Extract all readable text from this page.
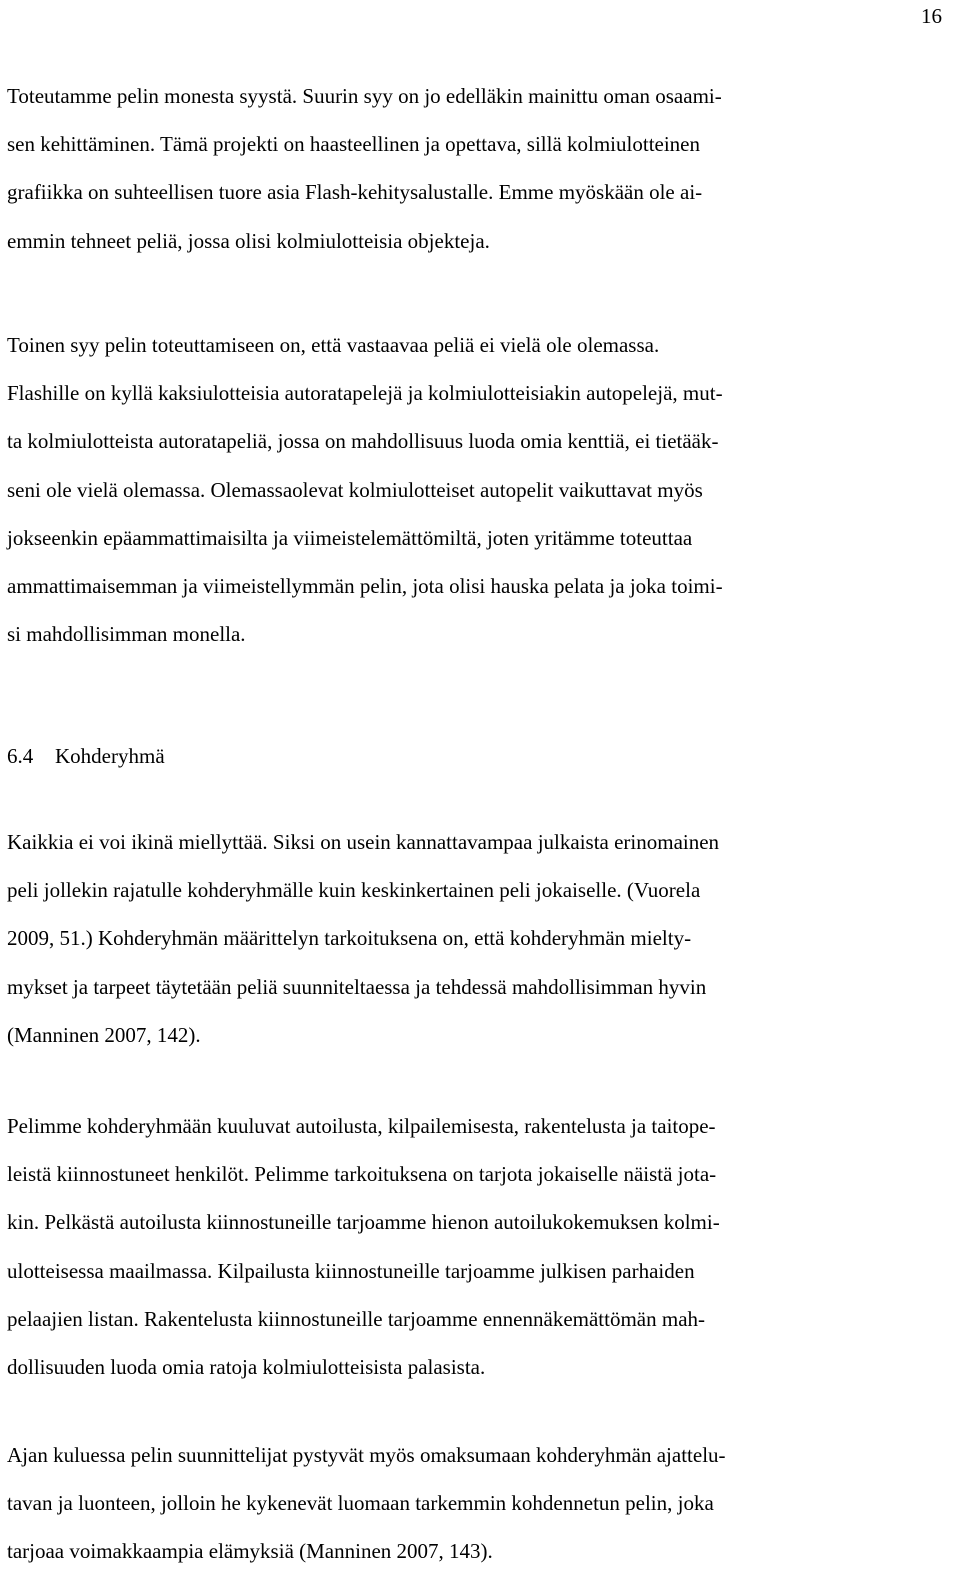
16

Toteutamme pelin monesta syystä. Suurin syy on jo edelläkin mainittu oman osaami-

sen kehittäminen. Tämä projekti on haasteellinen ja opettava, sillä kolmiulotteinen

grafiikka on suhteellisen tuore asia Flash-kehitysalustalle. Emme myöskään ole ai-

emmin tehneet peliä, jossa olisi kolmiulotteisia objekteja.

Toinen syy pelin toteuttamiseen on, että vastaavaa peliä ei vielä ole olemassa.

Flashille on kyllä kaksiulotteisia autoratapelejä ja kolmiulotteisiakin autopelejä, mut-

ta kolmiulotteista autoratapeliä, jossa on mahdollisuus luoda omia kenttiä, ei tietääk-

seni ole vielä olemassa. Olemassaolevat kolmiulotteiset autopelit vaikuttavat myös

jokseenkin epäammattimaisilta ja viimeistelemättömiltä, joten yritämme toteuttaa

ammattimaisemman ja viimeistellymmän pelin, jota olisi hauska pelata ja joka toimi-

si mahdollisimman monella.

6.4 Kohderyhmä

Kaikkia ei voi ikinä miellyttää. Siksi on usein kannattavampaa julkaista erinomainen

peli jollekin rajatulle kohderyhmälle kuin keskinkertainen peli jokaiselle. (Vuorela

2009, 51.) Kohderyhmän määrittelyn tarkoituksena on, että kohderyhmän mielty-

mykset ja tarpeet täytetään peliä suunniteltaessa ja tehdessä mahdollisimman hyvin

(Manninen 2007, 142).

Pelimme kohderyhmään kuuluvat autoilusta, kilpailemisesta, rakentelusta ja taitope-

leistä kiinnostuneet henkilöt. Pelimme tarkoituksena on tarjota jokaiselle näistä jota-

kin. Pelkästä autoilusta kiinnostuneille tarjoamme hienon autoilukokemuksen kolmi-

ulotteisessa maailmassa. Kilpailusta kiinnostuneille tarjoamme julkisen parhaiden

pelaajien listan. Rakentelusta kiinnostuneille tarjoamme ennennäkemättömän mah-

dollisuuden luoda omia ratoja kolmiulotteisista palasista.

Ajan kuluessa pelin suunnittelijat pystyvät myös omaksumaan kohderyhmän ajattelu-

tavan ja luonteen, jolloin he kykenevät luomaan tarkemmin kohdennetun pelin, joka

tarjoaa voimakkaampia elämyksiä (Manninen 2007, 143).
